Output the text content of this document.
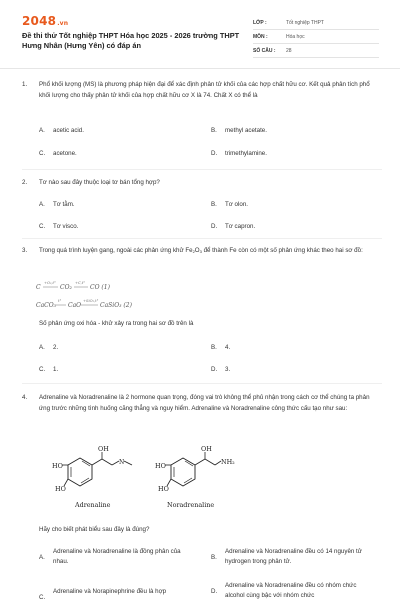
2048.vn
Đề thi thử Tốt nghiệp THPT Hóa học 2025 - 2026 trường THPT Hưng Nhân (Hưng Yên) có đáp án
LỚP :	Tốt nghiệp THPT
MÔN :	Hóa học
SỐ CÂU :	28
1.	Phổ khối lượng (MS) là phương pháp hiện đại để xác định phân tử khối của các hợp chất hữu cơ. Kết quả phân tích phổ khối lượng cho thấy phân tử khối của hợp chất hữu cơ X là 74. Chất X có thể là
A.	acetic acid.	B.	methyl acetate.
C.	acetone.	D.	trimethylamine.
2.	Tơ nào sau đây thuộc loại tơ bán tổng hợp?
A.	Tơ tằm.	B.	Tơ olon.
C.	Tơ visco.	D.	Tơ capron.
3.	Trong quá trình luyện gang, ngoài các phản ứng khử Fe2O3 để thành Fe còn có một số phản ứng khác theo hai sơ đồ:
C
+O₂,t°
CO₂
+C,t°
CO (1)
CaCO₃
t°
CaO
+SiO₂,t°
CaSiO₃ (2)
Số phản ứng oxi hóa - khử xảy ra trong hai sơ đồ trên là
A.	2.	B.	4.
C.	1.	D.	3.
4.	Adrenaline và Noradrenaline là 2 hormone quan trọng, đóng vai trò không thể phủ nhận trong cách cơ thể chúng ta phản ứng trước những tình huống căng thẳng và nguy hiểm. Adrenaline và Noradrenaline công thức cấu tạo như sau:
HO
HO
OH
N
Adrenaline
HO
HO
OH
NH₂
Noradrenaline
Hãy cho biết phát biểu sau đây là đúng?
A.
Adrenaline và Noradrenaline là đồng phân của nhau.
B.
Adrenaline và Noradrenaline đều có 14 nguyên tử hydrogen trong phân tử.
C.
Adrenaline và Norapinephrine đều là hợp	D.
Adrenaline và Noradrenaline đều có nhóm chức alcohol cùng bậc với nhóm chức
